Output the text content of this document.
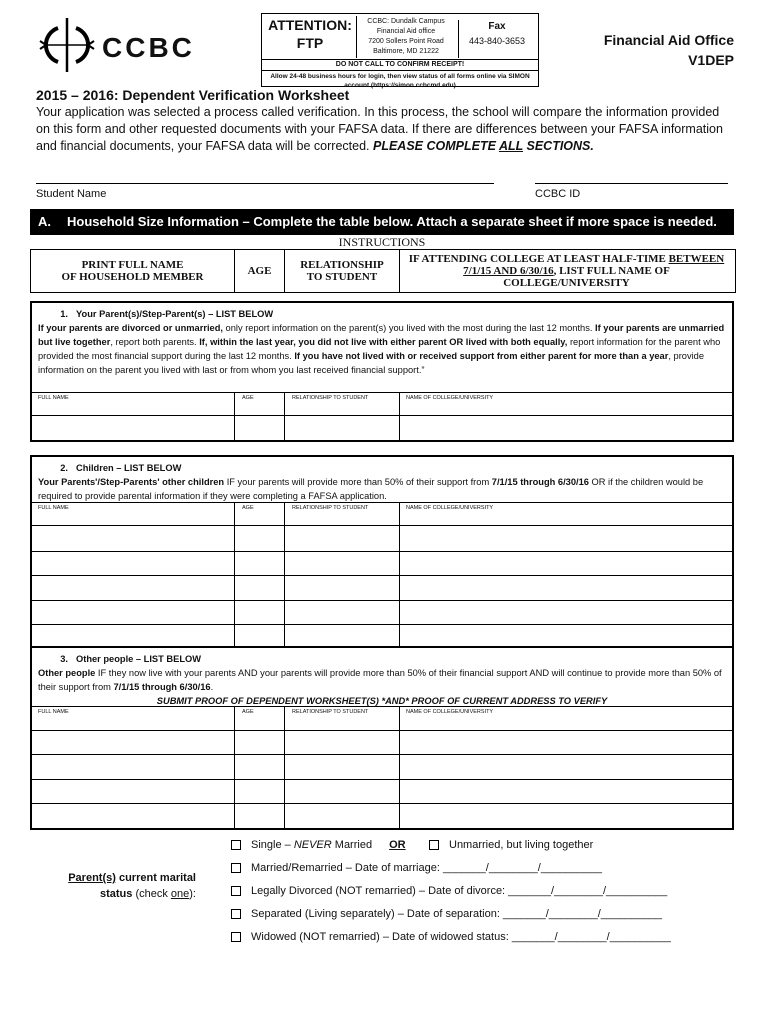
CCBC
ATTENTION:
FTP
CCBC: Dundalk Campus
Financial Aid office
7200 Sollers Point Road
Baltimore, MD 21222
Fax
443-840-3653
DO NOT CALL TO CONFIRM RECEIPT!
Allow 24-48 business hours for login, then view status of all forms online via SIMON account (https://simon.ccbcmd.edu)
Financial Aid Office
V1DEP
2015 – 2016: Dependent Verification Worksheet
Your application was selected a process called verification. In this process, the school will compare the information provided on this form and other requested documents with your FAFSA data. If there are differences between your FAFSA information and financial documents, your FAFSA data will be corrected. PLEASE COMPLETE ALL SECTIONS.
Student Name	CCBC ID
A. Household Size Information – Complete the table below. Attach a separate sheet if more space is needed.
INSTRUCTIONS
PRINT FULL NAME
OF HOUSEHOLD MEMBER	AGE	RELATIONSHIP
TO STUDENT
IF ATTENDING COLLEGE AT LEAST HALF-TIME BETWEEN 7/1/15 AND 6/30/16, LIST FULL NAME OF COLLEGE/UNIVERSITY
1. Your Parent(s)/Step-Parent(s) – LIST BELOW
If your parents are divorced or unmarried, only report information on the parent(s) you lived with the most during the last 12 months. If your parents are unmarried but live together, report both parents. If, within the last year, you did not live with either parent OR lived with both equally, report information for the parent who provided the most financial support during the last 12 months. If you have not lived with or received support from either parent for more than a year, provide information on the parent you lived with last or from whom you last received financial support.”
FULL NAME	AGE	RELATIONSHIP TO STUDENT	NAME OF COLLEGE/UNIVERSITY
2. Children – LIST BELOW
Your Parents'/Step-Parents' other children IF your parents will provide more than 50% of their support from 7/1/15 through 6/30/16 OR if the children would be required to provide parental information if they were completing a FAFSA application.
FULL NAME	AGE	RELATIONSHIP TO STUDENT	NAME OF COLLEGE/UNIVERSITY
3. Other people – LIST BELOW
Other people IF they now live with your parents AND your parents will provide more than 50% of their financial support AND will continue to provide more than 50% of their support from 7/1/15 through 6/30/16.
SUBMIT PROOF OF DEPENDENT WORKSHEET(S) *AND* PROOF OF CURRENT ADDRESS TO VERIFY
FULL NAME	AGE	RELATIONSHIP TO STUDENT	NAME OF COLLEGE/UNIVERSITY
Parent(s) current marital
status (check one):
Single – NEVER Married OR	Unmarried, but living together
Married/Remarried – Date of marriage: _______/________/__________
Legally Divorced (NOT remarried) – Date of divorce: _______/________/__________
Separated (Living separately) – Date of separation: _______/________/__________
Widowed (NOT remarried) – Date of widowed status: _______/________/__________
